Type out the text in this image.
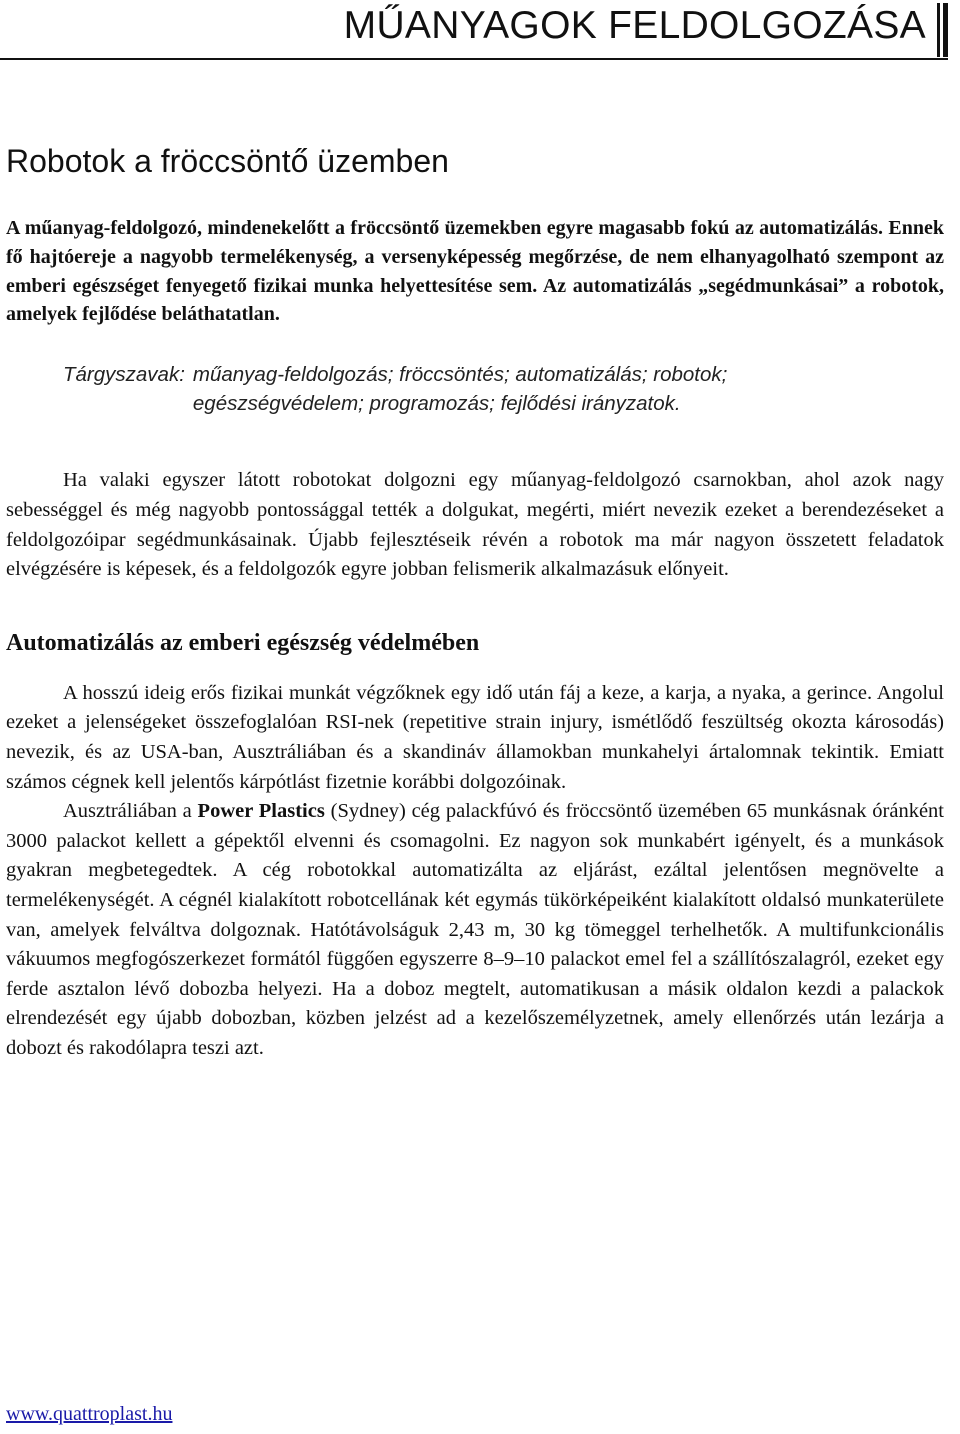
MŰANYAGOK FELDOLGOZÁSA
Robotok a fröccsöntő üzemben

A műanyag-feldolgozó, mindenekelőtt a fröccsöntő üzemekben egyre magasabb fokú az automatizálás. Ennek fő hajtóereje a nagyobb termelékenység, a versenyképesség megőrzése, de nem elhanyagolható szempont az emberi egészséget fenyegető fizikai munka helyettesítése sem. Az automatizálás „segédmunkásai” a robotok, amelyek fejlődése beláthatatlan.

Tárgyszavak: műanyag-feldolgozás; fröccsöntés; automatizálás; robotok; egészségvédelem; programozás; fejlődési irányzatok.

Ha valaki egyszer látott robotokat dolgozni egy műanyag-feldolgozó csarnokban, ahol azok nagy sebességgel és még nagyobb pontossággal tették a dolgukat, megérti, miért nevezik ezeket a berendezéseket a feldolgozóipar segédmunkásainak. Újabb fejlesztéseik révén a robotok ma már nagyon összetett feladatok elvégzésére is képesek, és a feldolgozók egyre jobban felismerik alkalmazásuk előnyeit.

Automatizálás az emberi egészség védelmében

A hosszú ideig erős fizikai munkát végzőknek egy idő után fáj a keze, a karja, a nyaka, a gerince. Angolul ezeket a jelenségeket összefoglalóan RSI-nek (repetitive strain injury, ismétlődő feszültség okozta károsodás) nevezik, és az USA-ban, Ausztráliában és a skandináv államokban munkahelyi ártalomnak tekintik. Emiatt számos cégnek kell jelentős kárpótlást fizetnie korábbi dolgozóinak.

Ausztráliában a Power Plastics (Sydney) cég palackfúvó és fröccsöntő üzemében 65 munkásnak óránként 3000 palackot kellett a gépektől elvenni és csomagolni. Ez nagyon sok munkabért igényelt, és a munkások gyakran megbetegedtek. A cég robotokkal automatizálta az eljárást, ezáltal jelentősen megnövelte a termelékenységét. A cégnél kialakított robotcellának két egymás tükörképeiként kialakított oldalsó munkaterülete van, amelyek felváltva dolgoznak. Hatótávolságuk 2,43 m, 30 kg tömeggel terhelhetők. A multifunkcionális vákuumos megfogószerkezet formától függően egyszerre 8–9–10 palackot emel fel a szállítószalagról, ezeket egy ferde asztalon lévő dobozba helyezi. Ha a doboz megtelt, automatikusan a másik oldalon kezdi a palackok elrendezését egy újabb dobozban, közben jelzést ad a kezelőszemélyzetnek, amely ellenőrzés után lezárja a dobozt és rakodólapra teszi azt.

www.quattroplast.hu
